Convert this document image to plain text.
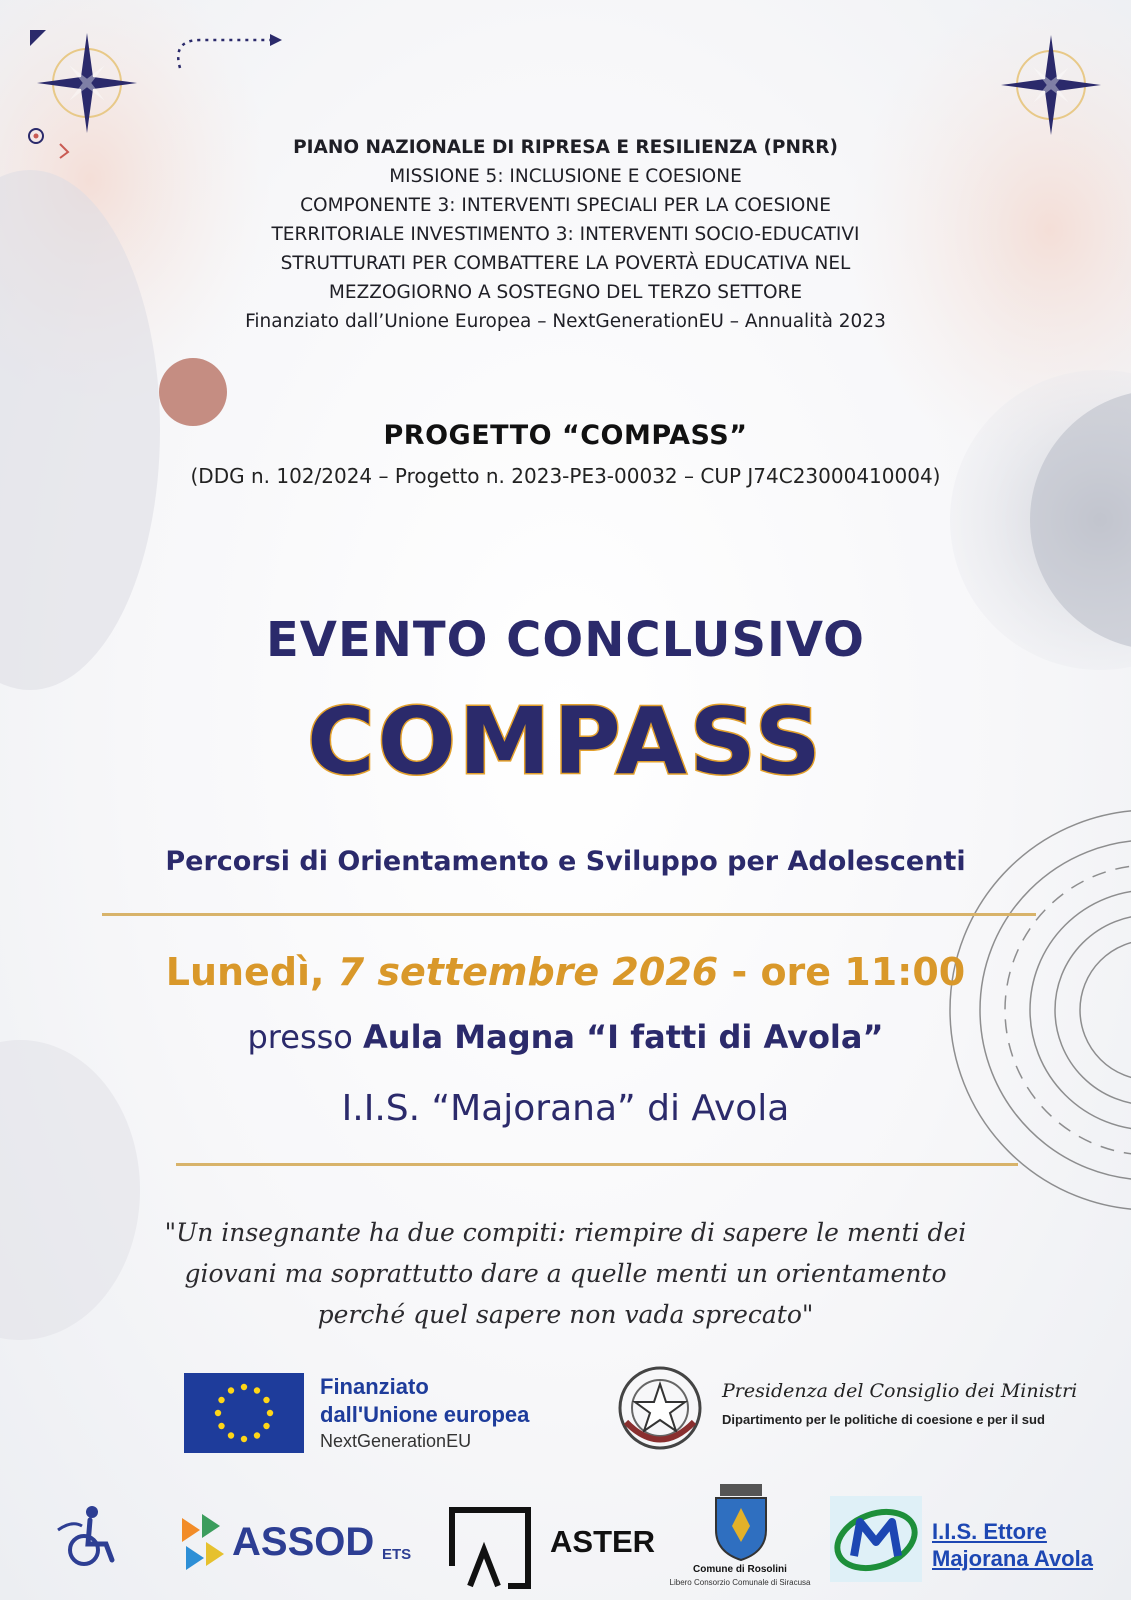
PIANO NAZIONALE DI RIPRESA E RESILIENZA (PNRR)
MISSIONE 5: INCLUSIONE E COESIONE
COMPONENTE 3: INTERVENTI SPECIALI PER LA COESIONE
TERRITORIALE INVESTIMENTO 3: INTERVENTI SOCIO-EDUCATIVI
STRUTTURATI PER COMBATTERE LA POVERTÀ EDUCATIVA NEL
MEZZOGIORNO A SOSTEGNO DEL TERZO SETTORE
Finanziato dall’Unione Europea – NextGenerationEU – Annualità 2023
PROGETTO “COMPASS”
(DDG n. 102/2024 – Progetto n. 2023-PE3-00032 – CUP J74C23000410004)
EVENTO CONCLUSIVO
COMPASS
Percorsi di Orientamento e Sviluppo per Adolescenti
Lunedì, 7 settembre 2026 - ore 11:00
presso Aula Magna “I fatti di Avola”
I.I.S. “Majorana” di Avola
"Un insegnante ha due compiti: riempire di sapere le menti dei
giovani ma soprattutto dare a quelle menti un orientamento
perché quel sapere non vada sprecato"
Finanziato
dall'Unione europea
NextGenerationEU
Presidenza del Consiglio dei Ministri
Dipartimento per le politiche di coesione e per il sud
ASSOD ETS	ASTER
Comune di Rosolini
Libero Consorzio Comunale di Siracusa
I.I.S. Ettore
Majorana Avola
